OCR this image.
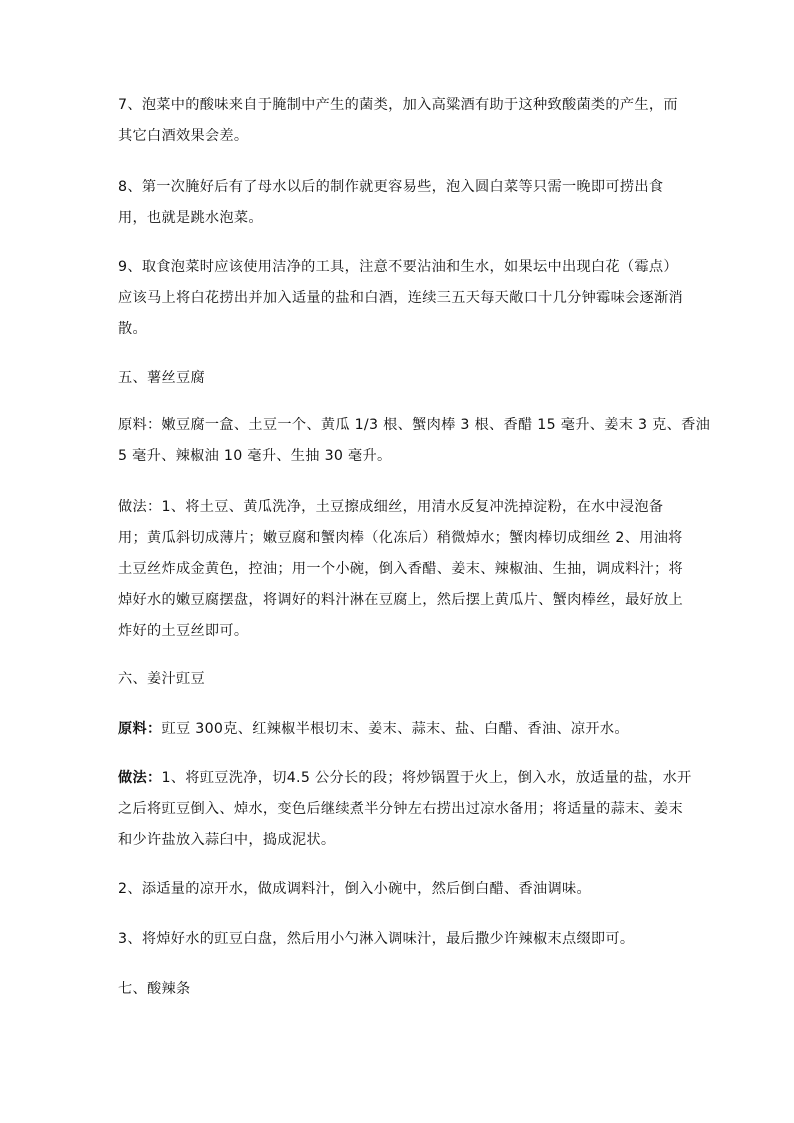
7、泡菜中的酸味来自于腌制中产生的菌类，加入高粱酒有助于这种致酸菌类的产生，而
其它白酒效果会差。

8、第一次腌好后有了母水以后的制作就更容易些，泡入圆白菜等只需一晚即可捞出食
用，也就是跳水泡菜。

9、取食泡菜时应该使用洁净的工具，注意不要沾油和生水，如果坛中出现白花（霉点）
应该马上将白花捞出并加入适量的盐和白酒，连续三五天每天敞口十几分钟霉味会逐渐消
散。

五、薯丝豆腐

原料：嫩豆腐一盒、土豆一个、黄瓜 1/3 根、蟹肉棒 3 根、香醋 15 毫升、姜末 3 克、香油
5 毫升、辣椒油 10 毫升、生抽 30 毫升。

做法：1、将土豆、黄瓜洗净，土豆擦成细丝，用清水反复冲洗掉淀粉，在水中浸泡备
用；黄瓜斜切成薄片；嫩豆腐和蟹肉棒（化冻后）稍微焯水；蟹肉棒切成细丝 2、用油将
土豆丝炸成金黄色，控油；用一个小碗，倒入香醋、姜末、辣椒油、生抽，调成料汁；将
焯好水的嫩豆腐摆盘，将调好的料汁淋在豆腐上，然后摆上黄瓜片、蟹肉棒丝，最好放上
炸好的土豆丝即可。

六、姜汁豇豆

原料：豇豆 300克、红辣椒半根切末、姜末、蒜末、盐、白醋、香油、凉开水。

做法：1、将豇豆洗净，切4.5 公分长的段；将炒锅置于火上，倒入水，放适量的盐，水开
之后将豇豆倒入、焯水，变色后继续煮半分钟左右捞出过凉水备用；将适量的蒜末、姜末
和少许盐放入蒜臼中，捣成泥状。

2、添适量的凉开水，做成调料汁，倒入小碗中，然后倒白醋、香油调味。

3、将焯好水的豇豆白盘，然后用小勺淋入调味汁，最后撒少许辣椒末点缀即可。

七、酸辣条
